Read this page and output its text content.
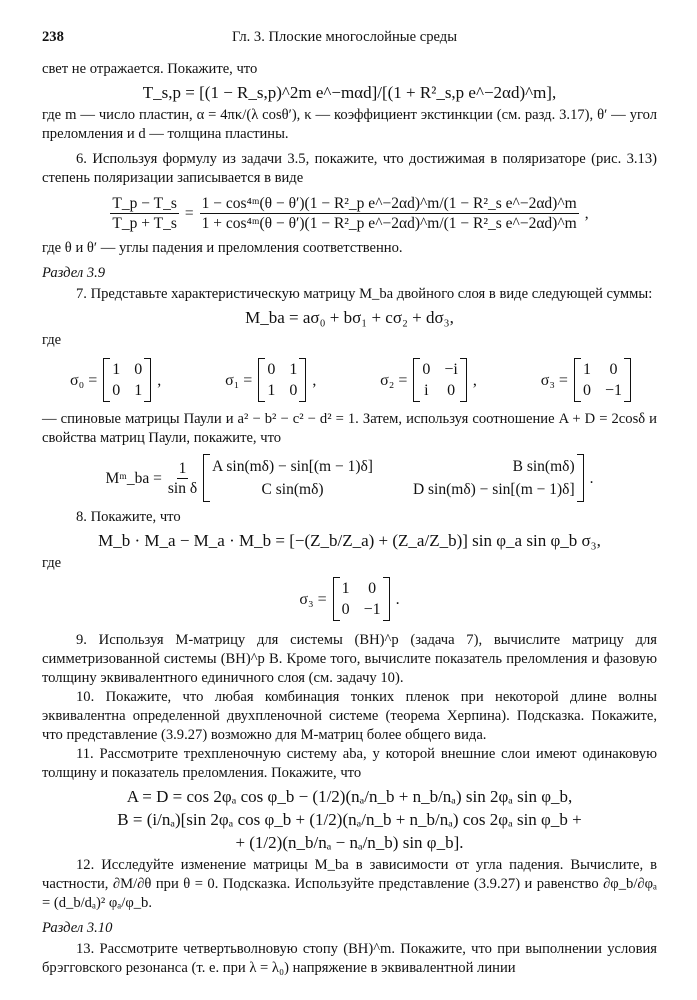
238	Гл. 3. Плоские многослойные среды

свет не отражается. Покажите, что

T_s,p = [(1 − R_s,p)^2m e^−mαd]/[(1 + R²_s,p e^−2αd)^m],

где m — число пластин, α = 4πκ/(λ cosθ′), κ — коэффициент экстинкции (см. разд. 3.17), θ′ — угол преломления и d — толщина пластины.

6. Используя формулу из задачи 3.5, покажите, что достижимая в поляризаторе (рис. 3.13) степень поляризации записывается в виде

$\frac{T\_p - T\_s}{T\_p + T\_s} = \frac{\text{1 − cos⁴ᵐ(θ − θ′)(1 − R²\_p e\textasciicircum{}−2αd)\textasciicircum{}m/(1 − R²\_s e\textasciicircum{}−2αd)\textasciicircum{}m}}{\text{1 + cos⁴ᵐ(θ − θ′)(1 − R²\_p e\textasciicircum{}−2αd)\textasciicircum{}m/(1 − R²\_s e\textasciicircum{}−2αd)\textasciicircum{}m}}$ ,

где θ и θ′ — углы падения и преломления соответственно.

Раздел 3.9

7. Представьте характеристическую матрицу M_ba двойного слоя в виде следующей суммы:

M_ba = aσ₀ + bσ₁ + cσ₂ + dσ₃,

где

σ₀ =
1 0
0 1
,	σ₁ =
0 1
1 0
,	σ₂ =
0 −i
i 0
,	σ₃ =
1 0
0 −1

— спиновые матрицы Паули и a² − b² − c² − d² = 1. Затем, используя соотношение A + D = 2cosδ и свойства матриц Паули, покажите, что

Mᵐ_ba = $\frac{1}{\text{sin δ}}$ A sin(mδ) − sin[(m − 1)δ]	B sin(mδ)
C sin(mδ)	D sin(mδ) − sin[(m − 1)δ]
.

8. Покажите, что

M_b · M_a − M_a · M_b = [−(Z_b/Z_a) + (Z_a/Z_b)] sin φ_a sin φ_b σ₃,

где

σ₃ =
1 0
0 −1
.

9. Используя M-матрицу для системы (BH)^p (задача 7), вычислите матрицу для симметризованной системы (BH)^p B. Кроме того, вычислите показатель преломления и фазовую толщину эквивалентного единичного слоя (см. задачу 10).

10. Покажите, что любая комбинация тонких пленок при некоторой длине волны эквивалентна определенной двухпленочной системе (теорема Херпина). Подсказка. Покажите, что представление (3.9.27) возможно для M-матриц более общего вида.

11. Рассмотрите трехпленочную систему aba, у которой внешние слои имеют одинаковую толщину и показатель преломления. Покажите, что

A = D = cos 2φₐ cos φ_b − (1/2)(nₐ/n_b + n_b/nₐ) sin 2φₐ sin φ_b,
B = (i/nₐ)[sin 2φₐ cos φ_b + (1/2)(nₐ/n_b + n_b/nₐ) cos 2φₐ sin φ_b +
+ (1/2)(n_b/nₐ − nₐ/n_b) sin φ_b].

12. Исследуйте изменение матрицы M_ba в зависимости от угла падения. Вычислите, в частности, ∂M/∂θ при θ = 0. Подсказка. Используйте представление (3.9.27) и равенство ∂φ_b/∂φₐ = (d_b/dₐ)² φₐ/φ_b.

Раздел 3.10

13. Рассмотрите четвертьволновую стопу (BH)^m. Покажите, что при выполнении условия брэгговского резонанса (т. е. при λ = λ₀) напряжение в эквивалентной линии
